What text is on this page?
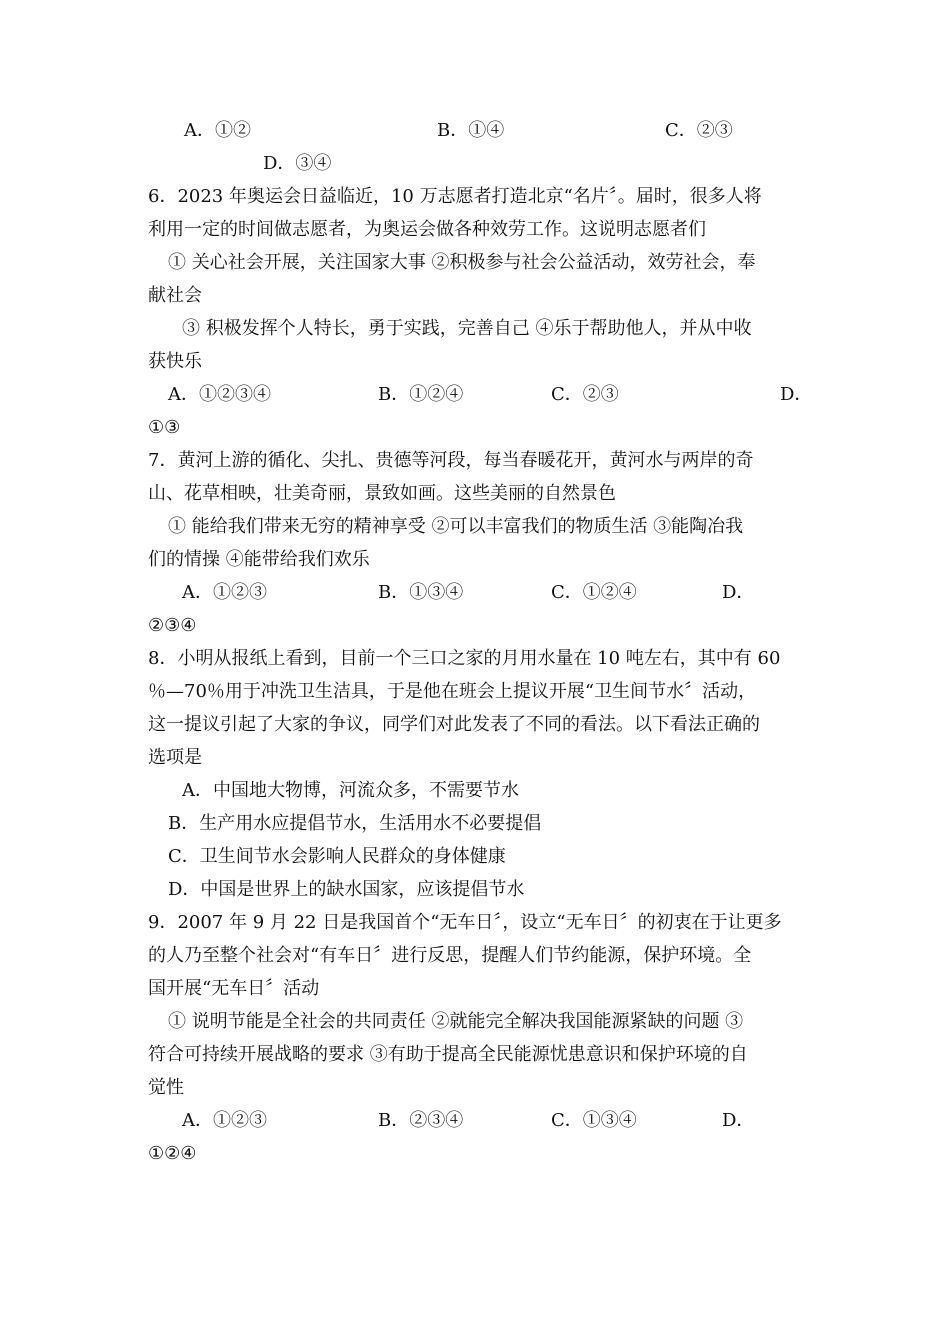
A．①②	B．①④	C．②③
D．③④
6．2023 年奥运会日益临近，10 万志愿者打造北京“名片〞。届时，很多人将
利用一定的时间做志愿者，为奥运会做各种效劳工作。这说明志愿者们
① 关心社会开展，关注国家大事 ②积极参与社会公益活动，效劳社会，奉
献社会
③ 积极发挥个人特长，勇于实践，完善自己 ④乐于帮助他人，并从中收
获快乐
A．①②③④	B．①②④	C．②③	D．
①③
7．黄河上游的循化、尖扎、贵德等河段，每当春暖花开，黄河水与两岸的奇
山、花草相映，壮美奇丽，景致如画。这些美丽的自然景色
① 能给我们带来无穷的精神享受 ②可以丰富我们的物质生活 ③能陶冶我
们的情操 ④能带给我们欢乐
A．①②③	B．①③④	C．①②④	D．
②③④
8．小明从报纸上看到，目前一个三口之家的月用水量在 10 吨左右，其中有 60
％—70％用于冲洗卫生洁具，于是他在班会上提议开展“卫生间节水〞活动，
这一提议引起了大家的争议，同学们对此发表了不同的看法。以下看法正确的
选项是
A．中国地大物博，河流众多，不需要节水
B．生产用水应提倡节水，生活用水不必要提倡
C．卫生间节水会影响人民群众的身体健康
D．中国是世界上的缺水国家，应该提倡节水
9．2007 年 9 月 22 日是我国首个“无车日〞，设立“无车日〞的初衷在于让更多
的人乃至整个社会对“有车日〞进行反思，提醒人们节约能源，保护环境。全
国开展“无车日〞活动
① 说明节能是全社会的共同责任 ②就能完全解决我国能源紧缺的问题 ③
符合可持续开展战略的要求 ③有助于提高全民能源忧患意识和保护环境的自
觉性
A．①②③	B．②③④	C．①③④	D．
①②④
